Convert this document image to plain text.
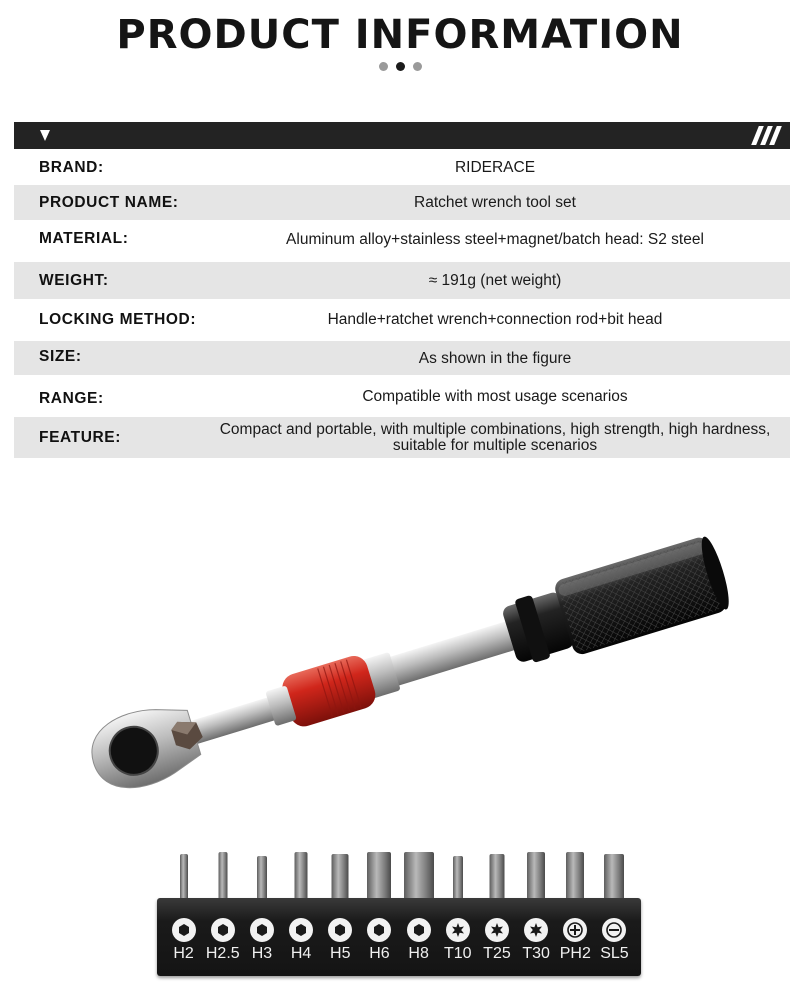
PRODUCT INFORMATION
BRAND:	RIDERACE
PRODUCT NAME:	Ratchet wrench tool set
MATERIAL:	Aluminum alloy+stainless steel+magnet/batch head: S2 steel
WEIGHT:	≈ 191g (net weight)
LOCKING METHOD:	Handle+ratchet wrench+connection rod+bit head
SIZE:	As shown in the figure
RANGE:	Compatible with most usage scenarios
FEATURE:	Compact and portable, with multiple combinations, high strength, high hardness, suitable for multiple scenarios
H2 H2.5 H3	H4	H5	H6	H8 T10 T25 T30 PH2 SL5
